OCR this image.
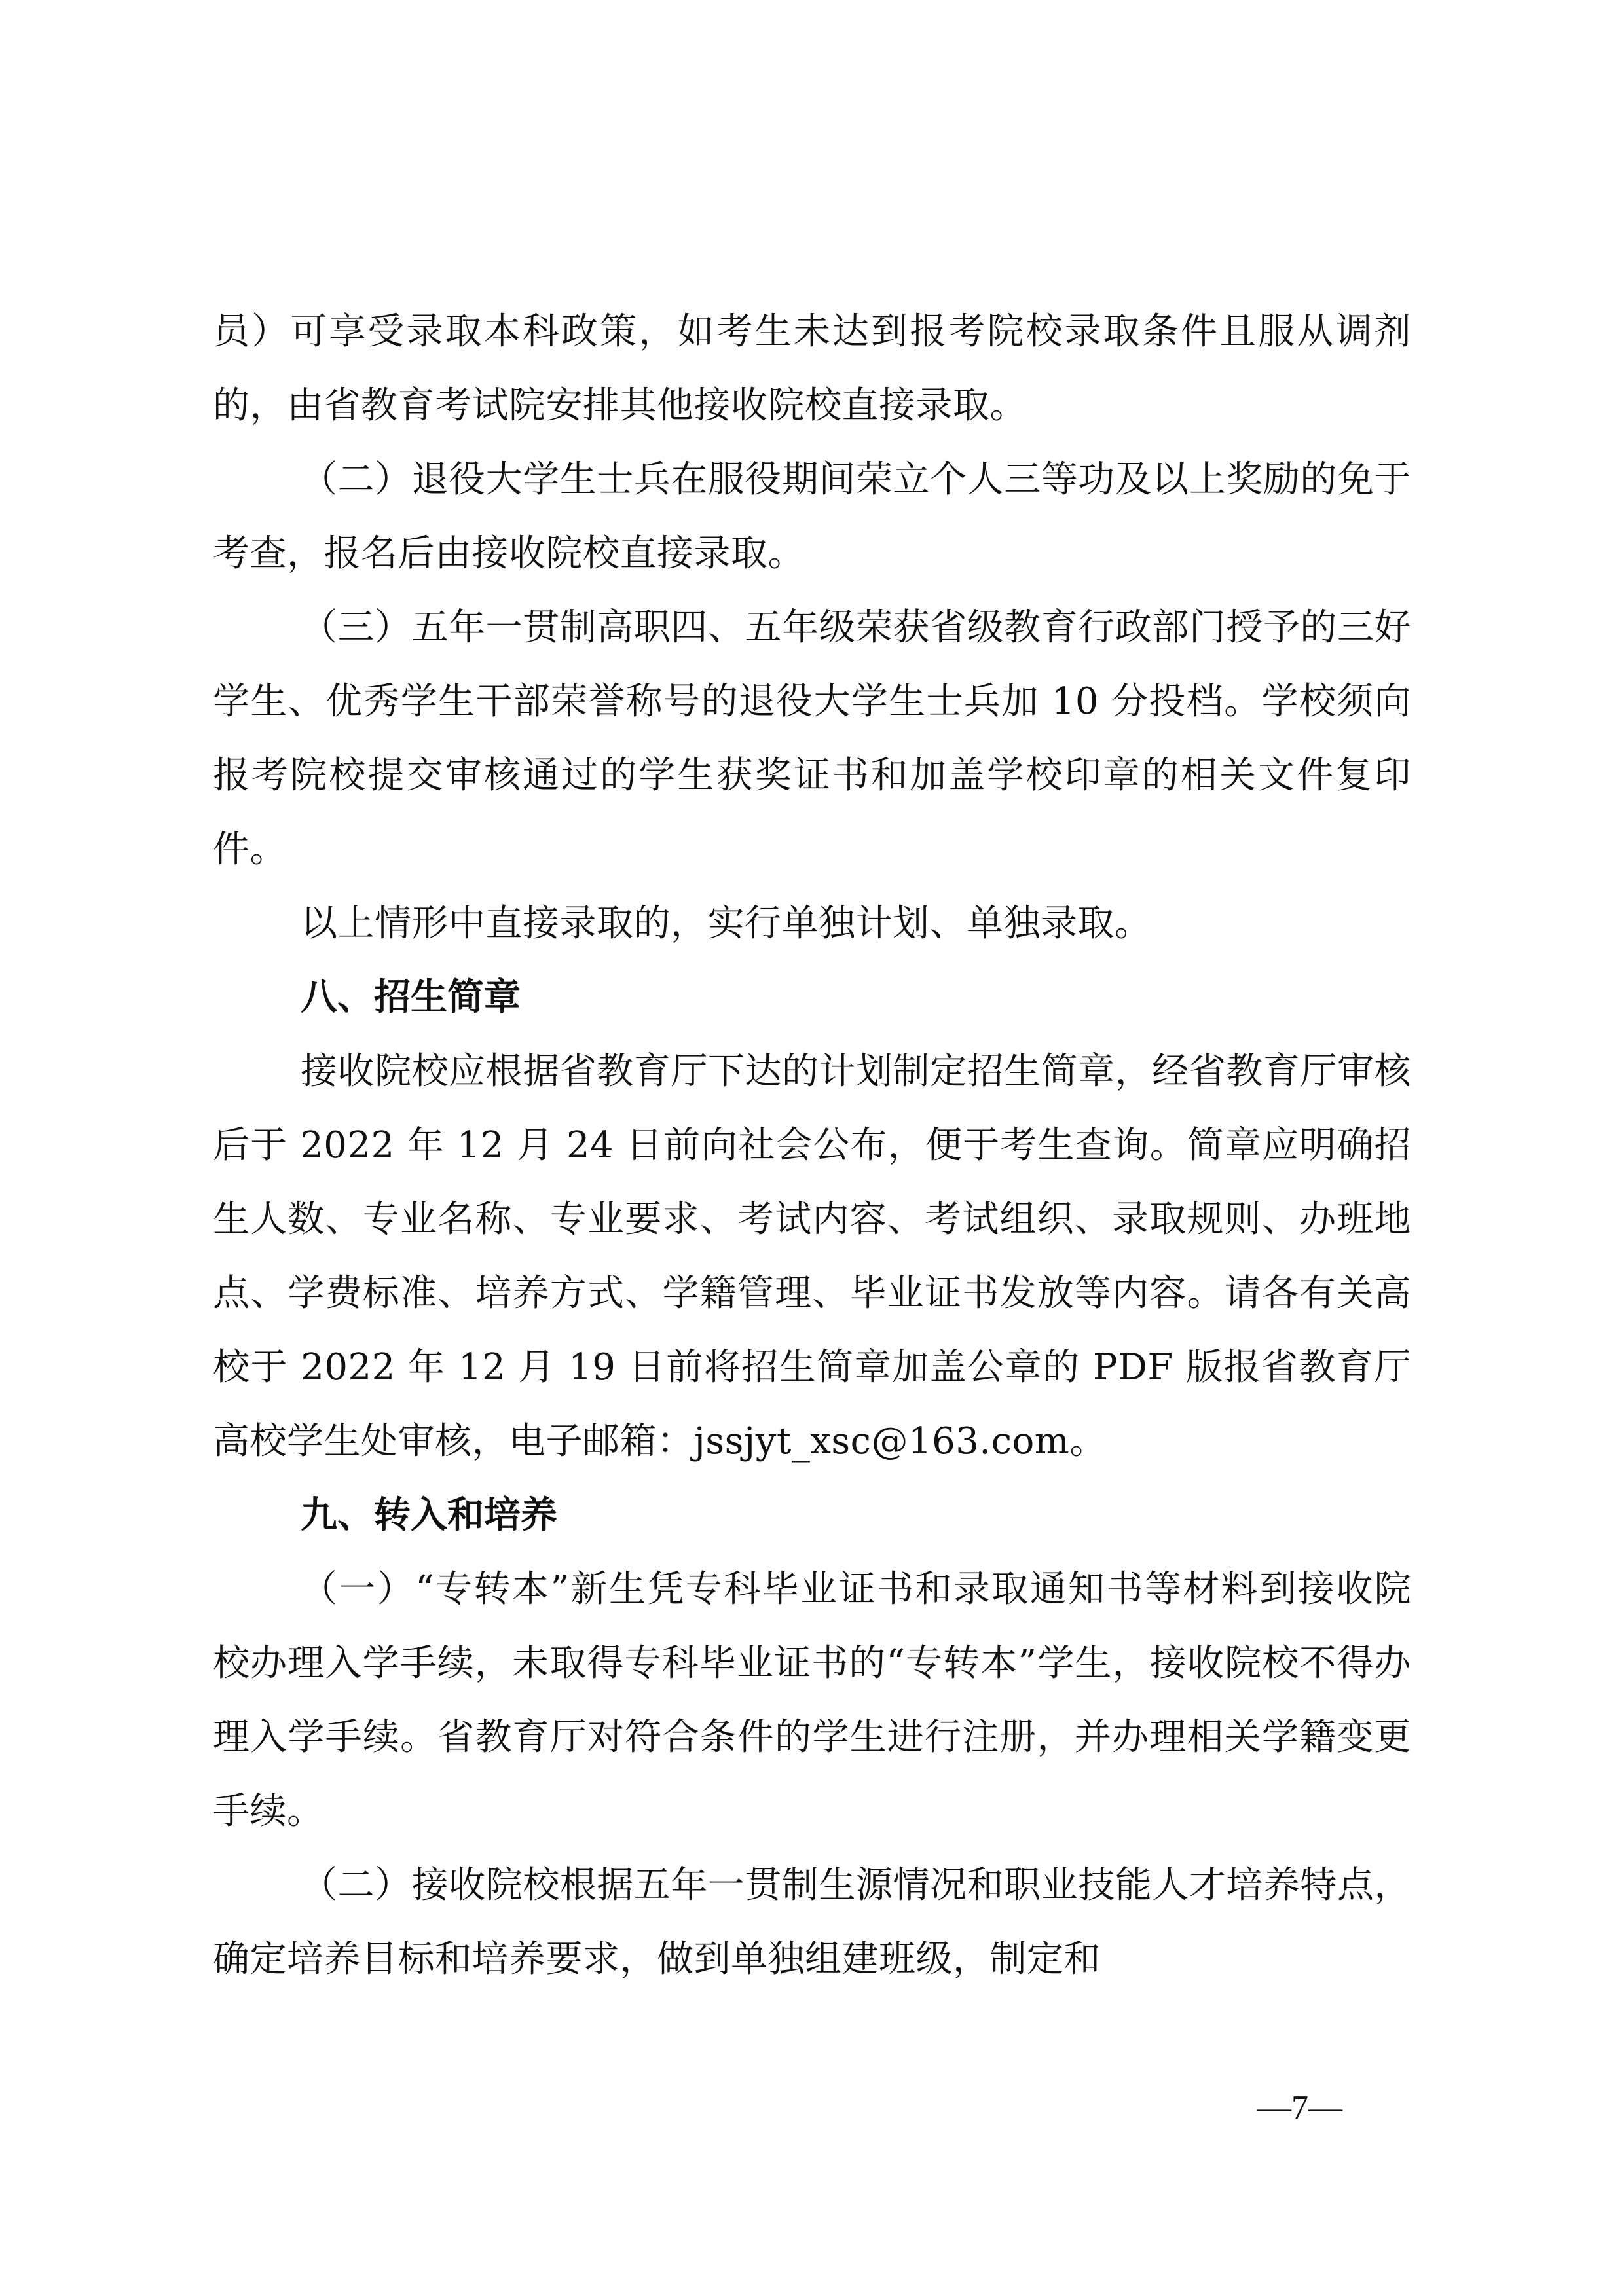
员）可享受录取本科政策，如考生未达到报考院校录取条件且服从调剂的，由省教育考试院安排其他接收院校直接录取。

（二）退役大学生士兵在服役期间荣立个人三等功及以上奖励的免于考查，报名后由接收院校直接录取。

（三）五年一贯制高职四、五年级荣获省级教育行政部门授予的三好学生、优秀学生干部荣誉称号的退役大学生士兵加 10 分投档。学校须向报考院校提交审核通过的学生获奖证书和加盖学校印章的相关文件复印件。

以上情形中直接录取的，实行单独计划、单独录取。

八、招生简章

接收院校应根据省教育厅下达的计划制定招生简章，经省教育厅审核后于 2022 年 12 月 24 日前向社会公布，便于考生查询。简章应明确招生人数、专业名称、专业要求、考试内容、考试组织、录取规则、办班地点、学费标准、培养方式、学籍管理、毕业证书发放等内容。请各有关高校于 2022 年 12 月 19 日前将招生简章加盖公章的 PDF 版报省教育厅高校学生处审核，电子邮箱：jssjyt_xsc@163.com。

九、转入和培养

（一）“专转本”新生凭专科毕业证书和录取通知书等材料到接收院校办理入学手续，未取得专科毕业证书的“专转本”学生，接收院校不得办理入学手续。省教育厅对符合条件的学生进行注册，并办理相关学籍变更手续。

（二）接收院校根据五年一贯制生源情况和职业技能人才培养特点，确定培养目标和培养要求，做到单独组建班级，制定和

—7—
